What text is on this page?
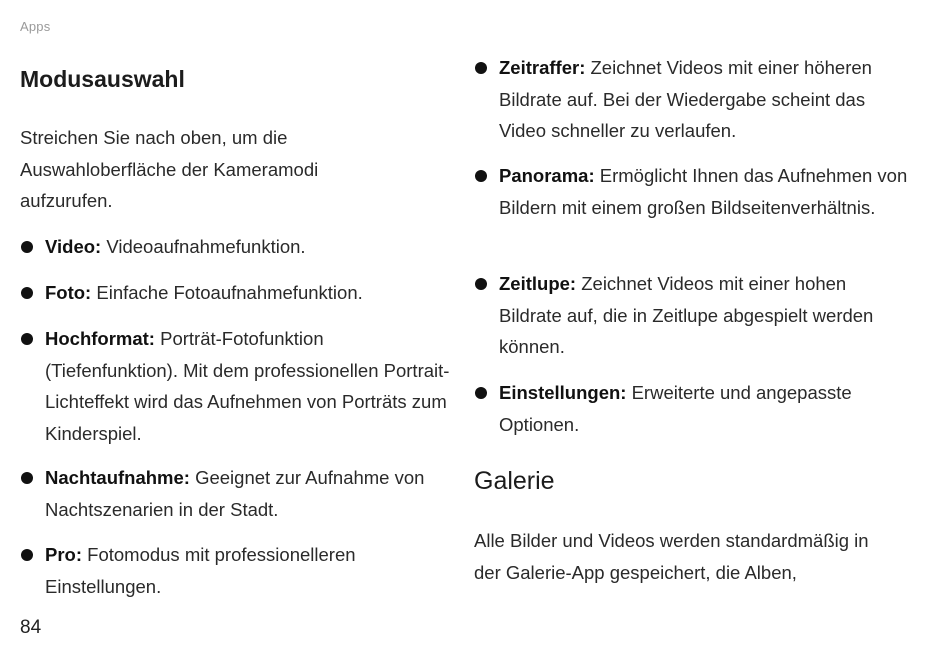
Apps
Modusauswahl

Streichen Sie nach oben, um die Auswahloberfläche der Kameramodi aufzurufen.

Video: Videoaufnahmefunktion.
Foto: Einfache Fotoaufnahmefunktion.
Hochformat: Porträt-Fotofunktion (Tiefenfunktion). Mit dem professionellen Portrait-Lichteffekt wird das Aufnehmen von Porträts zum Kinderspiel.
Nachtaufnahme: Geeignet zur Aufnahme von Nachtszenarien in der Stadt.
Pro: Fotomodus mit professionelleren Einstellungen.
Zeitraffer: Zeichnet Videos mit einer höheren Bildrate auf. Bei der Wiedergabe scheint das Video schneller zu verlaufen.
Panorama: Ermöglicht Ihnen das Aufnehmen von Bildern mit einem großen Bildseitenverhältnis.
Zeitlupe: Zeichnet Videos mit einer hohen Bildrate auf, die in Zeitlupe abgespielt werden können.
Einstellungen: Erweiterte und angepasste Optionen.
Galerie

Alle Bilder und Videos werden standardmäßig in der Galerie-App gespeichert, die Alben,

84
